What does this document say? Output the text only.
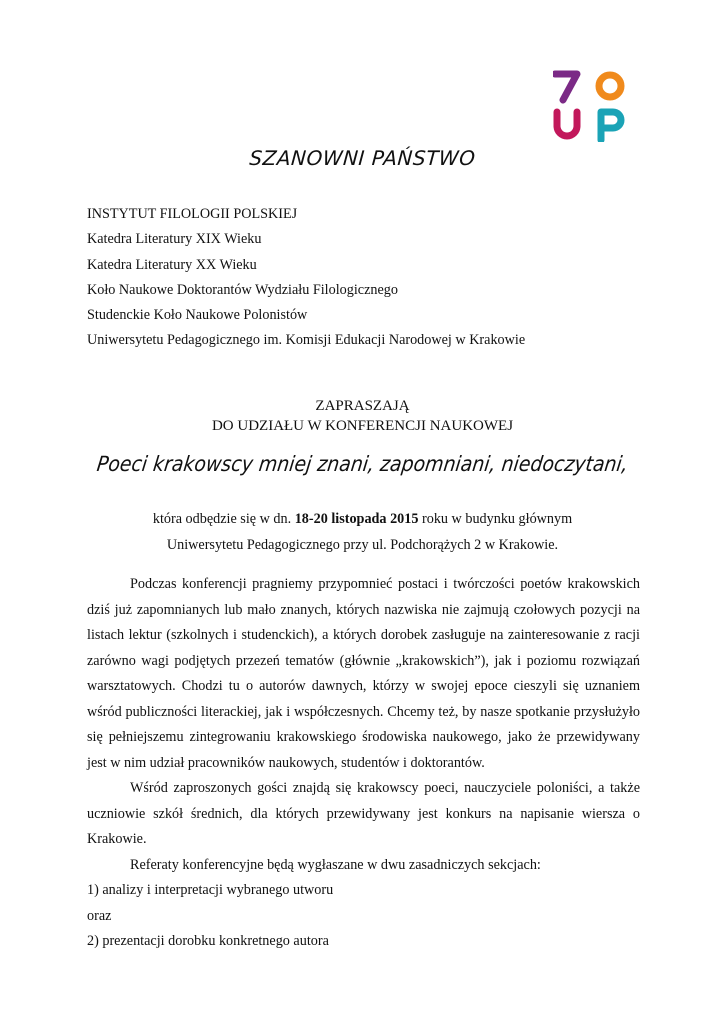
SZANOWNI PAŃSTWO
INSTYTUT FILOLOGII POLSKIEJ
Katedra Literatury XIX Wieku
Katedra Literatury XX Wieku
Koło Naukowe Doktorantów Wydziału Filologicznego
Studenckie Koło Naukowe Polonistów
Uniwersytetu Pedagogicznego im. Komisji Edukacji Narodowej w Krakowie
ZAPRASZAJĄ
DO UDZIAŁU W KONFERENCJI NAUKOWEJ
Poeci krakowscy mniej znani, zapomniani, niedoczytani,
która odbędzie się w dn. 18-20 listopada 2015 roku w budynku głównym
Uniwersytetu Pedagogicznego przy ul. Podchorążych 2 w Krakowie.

Podczas konferencji pragniemy przypomnieć postaci i twórczości poetów krakowskich dziś już zapomnianych lub mało znanych, których nazwiska nie zajmują czołowych pozycji na listach lektur (szkolnych i studenckich), a których dorobek zasługuje na zainteresowanie z racji zarówno wagi podjętych przezeń tematów (głównie „krakowskich”), jak i poziomu rozwiązań warsztatowych. Chodzi tu o autorów dawnych, którzy w swojej epoce cieszyli się uznaniem wśród publiczności literackiej, jak i współczesnych. Chcemy też, by nasze spotkanie przysłużyło się pełniejszemu zintegrowaniu krakowskiego środowiska naukowego, jako że przewidywany jest w nim udział pracowników naukowych, studentów i doktorantów.

Wśród zaproszonych gości znajdą się krakowscy poeci, nauczyciele poloniści, a także uczniowie szkół średnich, dla których przewidywany jest konkurs na napisanie wiersza o Krakowie.

Referaty konferencyjne będą wygłaszane w dwu zasadniczych sekcjach:

1) analizy i interpretacji wybranego utworu

oraz

2) prezentacji dorobku konkretnego autora
